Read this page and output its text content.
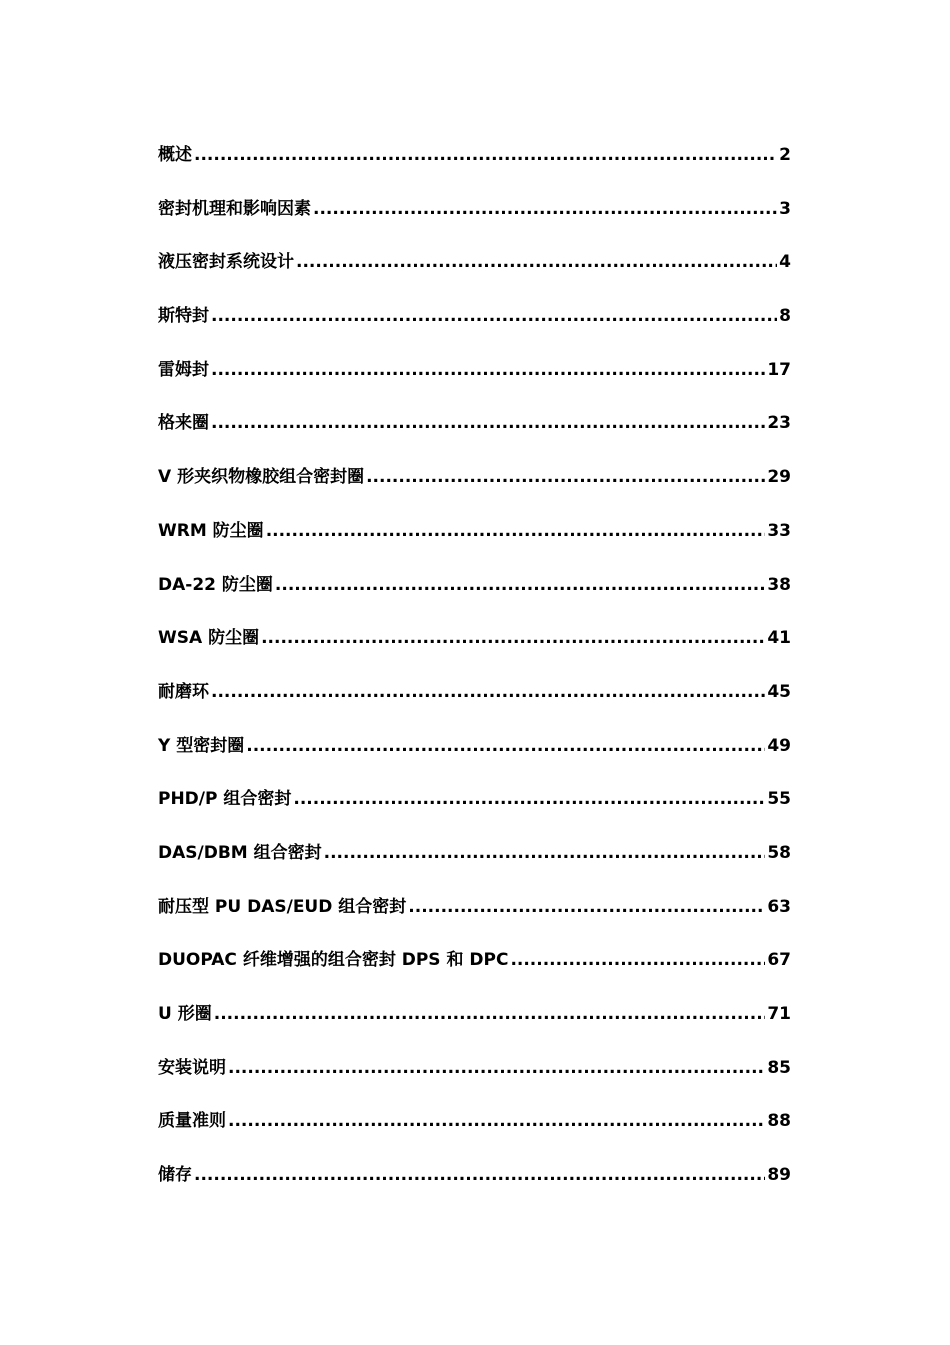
概述 .....	2
密封机理和影响因素 .....	3
液压密封系统设计 .....	4
斯特封 .....	8
雷姆封 .....	17
格来圈 .....	23
V 形夹织物橡胶组合密封圈 .....	29
WRM 防尘圈 .....	33
DA-22 防尘圈 .....	38
WSA 防尘圈 .....	41
耐磨环 .....	45
Y 型密封圈 .....	49
PHD/P 组合密封 .....	55
DAS/DBM 组合密封 .....	58
耐压型 PU DAS/EUD 组合密封 .....	63
DUOPAC 纤维增强的组合密封 DPS 和 DPC .....	67
U 形圈 .....	71
安装说明 .....	85
质量准则 .....	88
储存 .....	89
